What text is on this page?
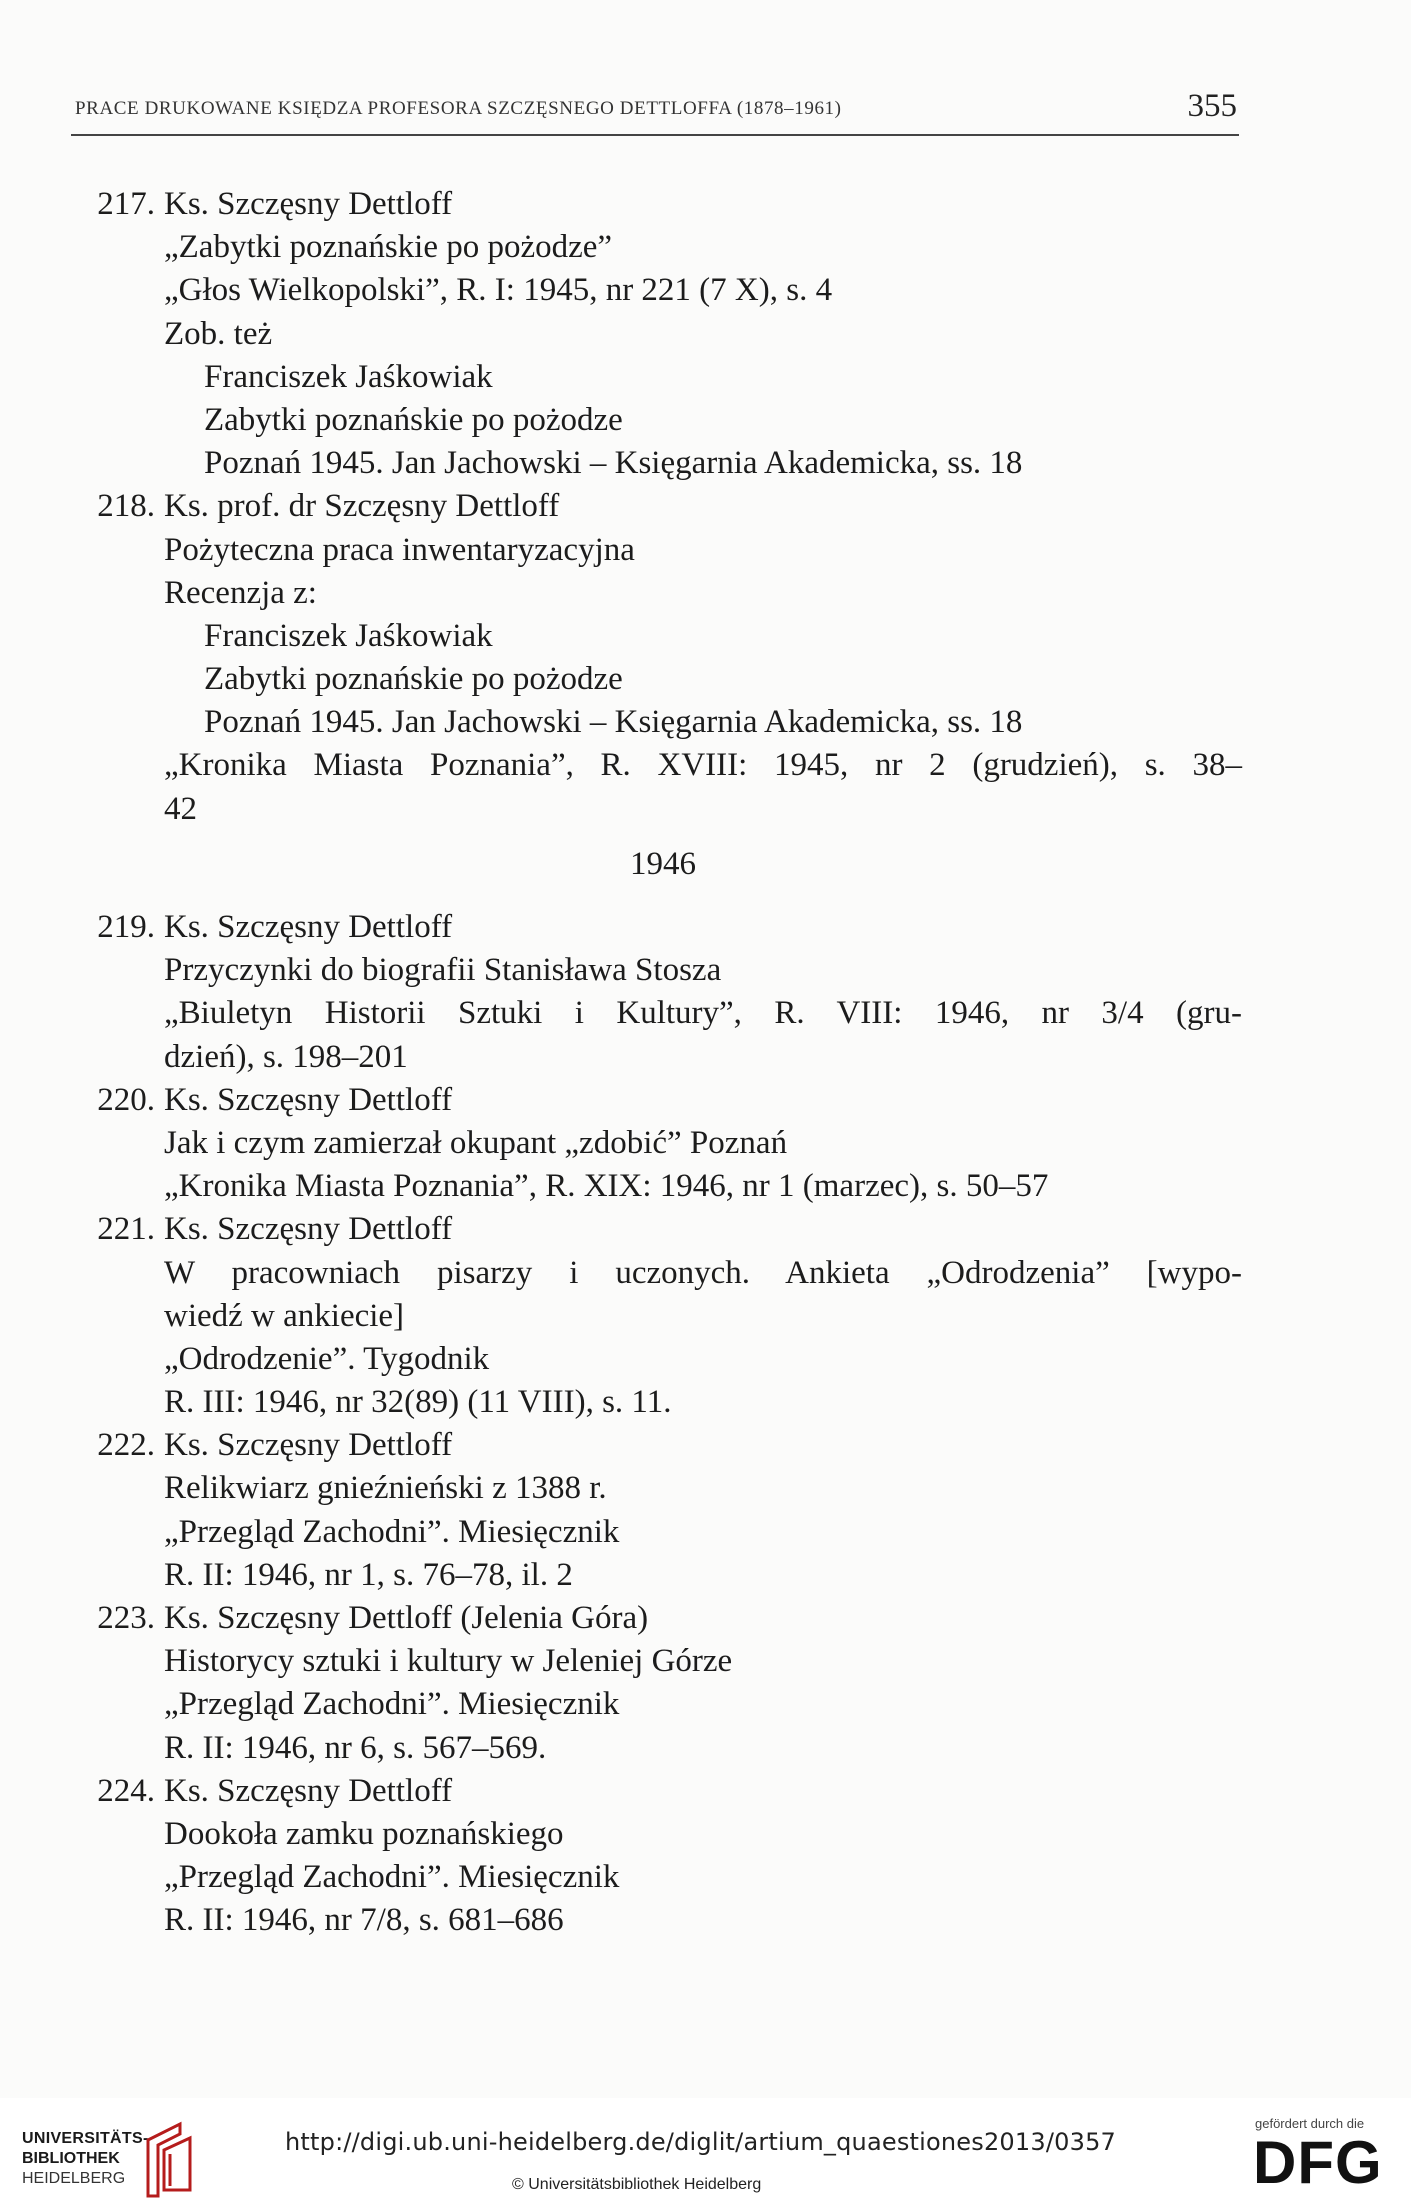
PRACE DRUKOWANE KSIĘDZA PROFESORA SZCZĘSNEGO DETTLOFFA (1878–1961)	355
217. Ks. Szczęsny Dettloff
„Zabytki poznańskie po pożodze”
„Głos Wielkopolski”, R. I: 1945, nr 221 (7 X), s. 4
Zob. też
Franciszek Jaśkowiak
Zabytki poznańskie po pożodze
Poznań 1945. Jan Jachowski – Księgarnia Akademicka, ss. 18
218. Ks. prof. dr Szczęsny Dettloff
Pożyteczna praca inwentaryzacyjna
Recenzja z:
Franciszek Jaśkowiak
Zabytki poznańskie po pożodze
Poznań 1945. Jan Jachowski – Księgarnia Akademicka, ss. 18
„Kronika Miasta Poznania”, R. XVIII: 1945, nr 2 (grudzień), s. 38–
42
1946
219. Ks. Szczęsny Dettloff
Przyczynki do biografii Stanisława Stosza
„Biuletyn Historii Sztuki i Kultury”, R. VIII: 1946, nr 3/4 (gru-
dzień), s. 198–201
220. Ks. Szczęsny Dettloff
Jak i czym zamierzał okupant „zdobić” Poznań
„Kronika Miasta Poznania”, R. XIX: 1946, nr 1 (marzec), s. 50–57
221. Ks. Szczęsny Dettloff
W pracowniach pisarzy i uczonych. Ankieta „Odrodzenia” [wypo-
wiedź w ankiecie]
„Odrodzenie”. Tygodnik
R. III: 1946, nr 32(89) (11 VIII), s. 11.
222. Ks. Szczęsny Dettloff
Relikwiarz gnieźnieński z 1388 r.
„Przegląd Zachodni”. Miesięcznik
R. II: 1946, nr 1, s. 76–78, il. 2
223. Ks. Szczęsny Dettloff (Jelenia Góra)
Historycy sztuki i kultury w Jeleniej Górze
„Przegląd Zachodni”. Miesięcznik
R. II: 1946, nr 6, s. 567–569.
224. Ks. Szczęsny Dettloff
Dookoła zamku poznańskiego
„Przegląd Zachodni”. Miesięcznik
R. II: 1946, nr 7/8, s. 681–686
UNIVERSITÄTS-
BIBLIOTHEK
HEIDELBERG
http://digi.ub.uni-heidelberg.de/diglit/artium_quaestiones2013/0357
© Universitätsbibliothek Heidelberg
gefördert durch die
DFG
